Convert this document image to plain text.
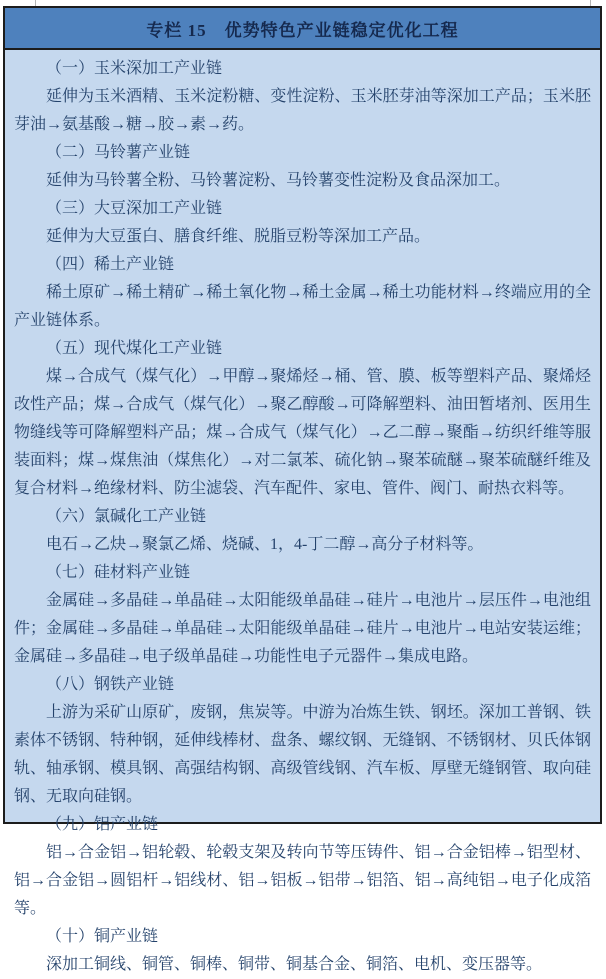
专栏 15　优势特色产业链稳定优化工程

（一）玉米深加工产业链

延伸为玉米酒精、玉米淀粉糖、变性淀粉、玉米胚芽油等深加工产品；玉米胚芽油→氨基酸→糖→胶→素→药。

（二）马铃薯产业链

延伸为马铃薯全粉、马铃薯淀粉、马铃薯变性淀粉及食品深加工。

（三）大豆深加工产业链

延伸为大豆蛋白、膳食纤维、脱脂豆粉等深加工产品。

（四）稀土产业链

稀土原矿→稀土精矿→稀土氧化物→稀土金属→稀土功能材料→终端应用的全产业链体系。

（五）现代煤化工产业链

煤→合成气（煤气化）→甲醇→聚烯烃→桶、管、膜、板等塑料产品、聚烯烃改性产品；煤→合成气（煤气化）→聚乙醇酸→可降解塑料、油田暂堵剂、医用生物缝线等可降解塑料产品；煤→合成气（煤气化）→乙二醇→聚酯→纺织纤维等服装面料；煤→煤焦油（煤焦化）→对二氯苯、硫化钠→聚苯硫醚→聚苯硫醚纤维及复合材料→绝缘材料、防尘滤袋、汽车配件、家电、管件、阀门、耐热衣料等。

（六）氯碱化工产业链

电石→乙炔→聚氯乙烯、烧碱、1，4-丁二醇→高分子材料等。

（七）硅材料产业链

金属硅→多晶硅→单晶硅→太阳能级单晶硅→硅片→电池片→层压件→电池组件；金属硅→多晶硅→单晶硅→太阳能级单晶硅→硅片→电池片→电站安装运维；金属硅→多晶硅→电子级单晶硅→功能性电子元器件→集成电路。

（八）钢铁产业链

上游为采矿山原矿，废钢，焦炭等。中游为冶炼生铁、钢坯。深加工普钢、铁素体不锈钢、特种钢，延伸线棒材、盘条、螺纹钢、无缝钢、不锈钢材、贝氏体钢轨、轴承钢、模具钢、高强结构钢、高级管线钢、汽车板、厚壁无缝钢管、取向硅钢、无取向硅钢。

（九）铝产业链

铝→合金铝→铝轮毂、轮毂支架及转向节等压铸件、铝→合金铝棒→铝型材、铝→合金铝→圆铝杆→铝线材、铝→铝板→铝带→铝箔、铝→高纯铝→电子化成箔等。

（十）铜产业链

深加工铜线、铜管、铜棒、铜带、铜基合金、铜箔、电机、变压器等。
